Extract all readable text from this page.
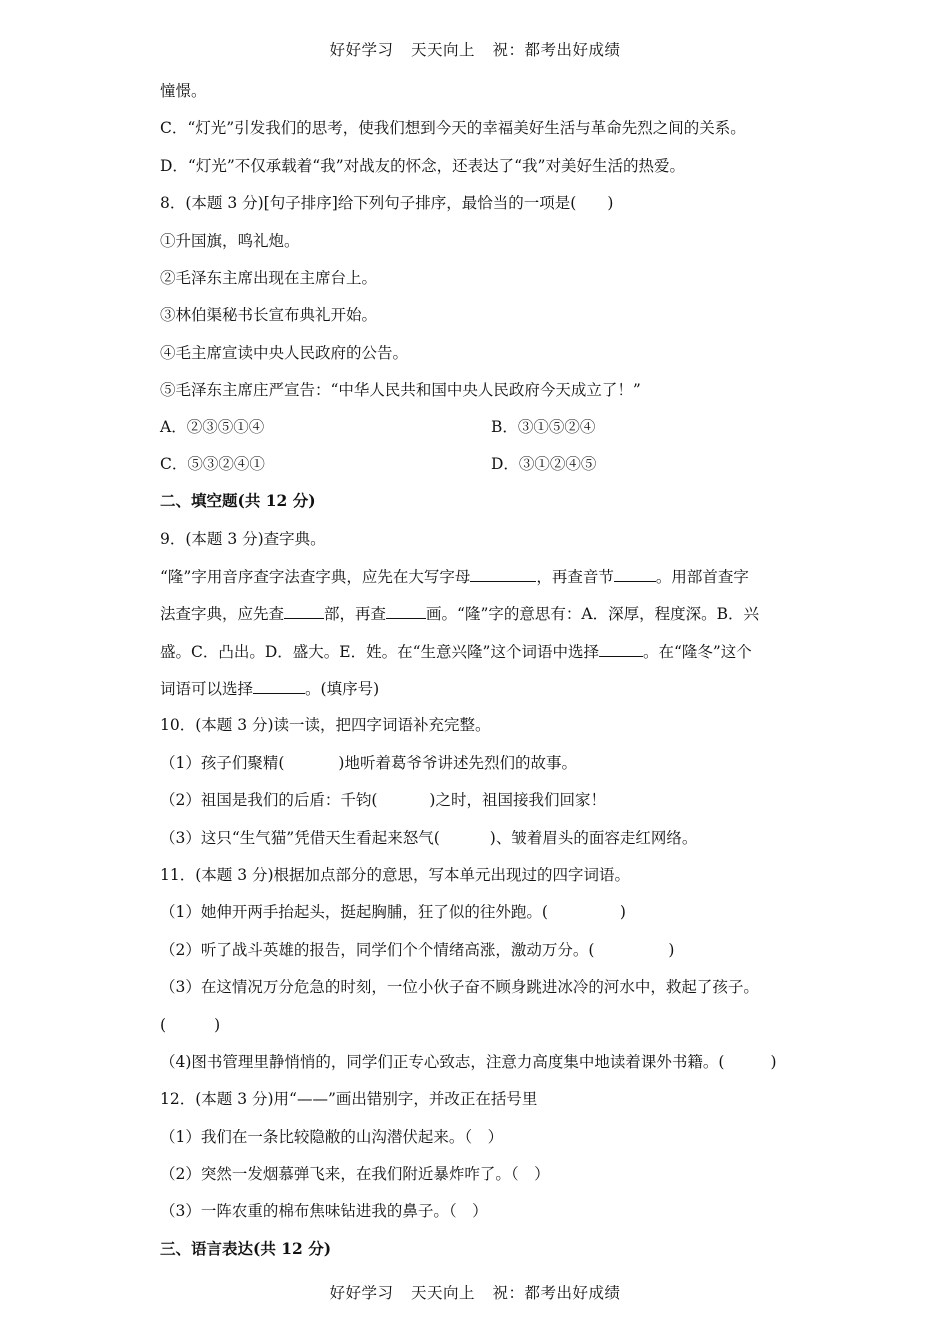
好好学习 天天向上 祝：都考出好成绩
憧憬。
C．“灯光”引发我们的思考，使我们想到今天的幸福美好生活与革命先烈之间的关系。
D．“灯光”不仅承载着“我”对战友的怀念，还表达了“我”对美好生活的热爱。
8．(本题 3 分)[句子排序]给下列句子排序，最恰当的一项是(　　)
①升国旗，鸣礼炮。
②毛泽东主席出现在主席台上。
③林伯渠秘书长宣布典礼开始。
④毛主席宣读中央人民政府的公告。
⑤毛泽东主席庄严宣告：“中华人民共和国中央人民政府今天成立了！”
A．②③⑤①④	B．③①⑤②④
C．⑤③②④①	D．③①②④⑤
二、填空题(共 12 分)
9．(本题 3 分)查字典。
“隆”字用音序查字法查字典，应先在大写字母	，再查音节	。用部首查字
法查字典，应先查	部，再查	画。“隆”字的意思有：A．深厚，程度深。B．兴
盛。C．凸出。D．盛大。E．姓。在“生意兴隆”这个词语中选择	。在“隆冬”这个
词语可以选择	。(填序号)
10．(本题 3 分)读一读，把四字词语补充完整。
（1）孩子们聚精(	)地听着葛爷爷讲述先烈们的故事。
（2）祖国是我们的后盾：千钧(	)之时，祖国接我们回家！
（3）这只“生气猫”凭借天生看起来怒气(	)、皱着眉头的面容走红网络。
11．(本题 3 分)根据加点部分的意思，写本单元出现过的四字词语。
（1）她伸开两手抬起头，挺起胸脯，狂了似的往外跑。(	)
（2）听了战斗英雄的报告，同学们个个情绪高涨，激动万分。(	)
（3）在这情况万分危急的时刻，一位小伙子奋不顾身跳进冰冷的河水中，救起了孩子。
(	)
（4)图书管理里静悄悄的，同学们正专心致志，注意力高度集中地读着课外书籍。(	)
12．(本题 3 分)用“——”画出错别字，并改正在括号里
（1）我们在一条比较隐敝的山沟潜伏起来。（　）
（2）突然一发烟慕弹飞来，在我们附近暴炸咋了。（　）
（3）一阵农重的棉布焦味钻进我的鼻子。（　）
三、语言表达(共 12 分)
好好学习 天天向上 祝：都考出好成绩
